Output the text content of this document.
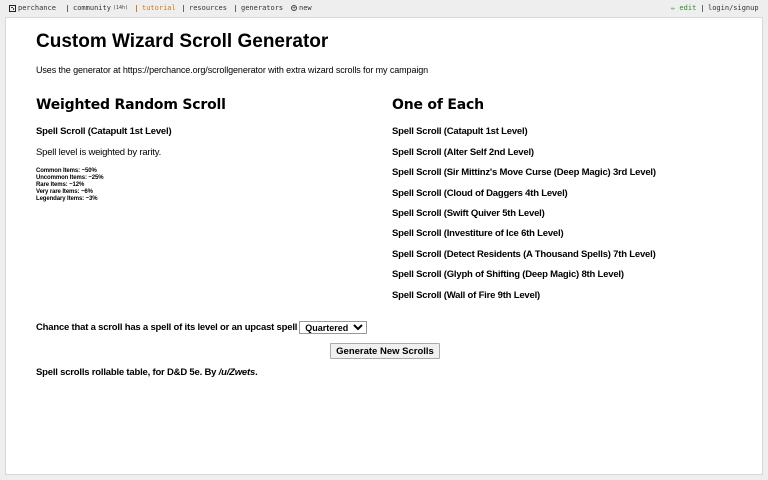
perchance community (14h) tutorial resources generators + new	✏ edit login/signup
Custom Wizard Scroll Generator
Uses the generator at https://perchance.org/scrollgenerator with extra wizard scrolls for my campaign
Weighted Random Scroll
Spell Scroll (Catapult 1st Level)
Spell level is weighted by rarity.
Common Items: ~50%
Uncommon Items: ~25%
Rare Items: ~12%
Very rare Items: ~6%
Legendary Items: ~3%
One of Each
Spell Scroll (Catapult 1st Level)
Spell Scroll (Alter Self 2nd Level)
Spell Scroll (Sir Mittinz's Move Curse (Deep Magic) 3rd Level)
Spell Scroll (Cloud of Daggers 4th Level)
Spell Scroll (Swift Quiver 5th Level)
Spell Scroll (Investiture of Ice 6th Level)
Spell Scroll (Detect Residents (A Thousand Spells) 7th Level)
Spell Scroll (Glyph of Shifting (Deep Magic) 8th Level)
Spell Scroll (Wall of Fire 9th Level)
Chance that a scroll has a spell of its level or an upcast spell
Quartered
Generate New Scrolls
Spell scrolls rollable table, for D&D 5e. By /u/Zwets.
